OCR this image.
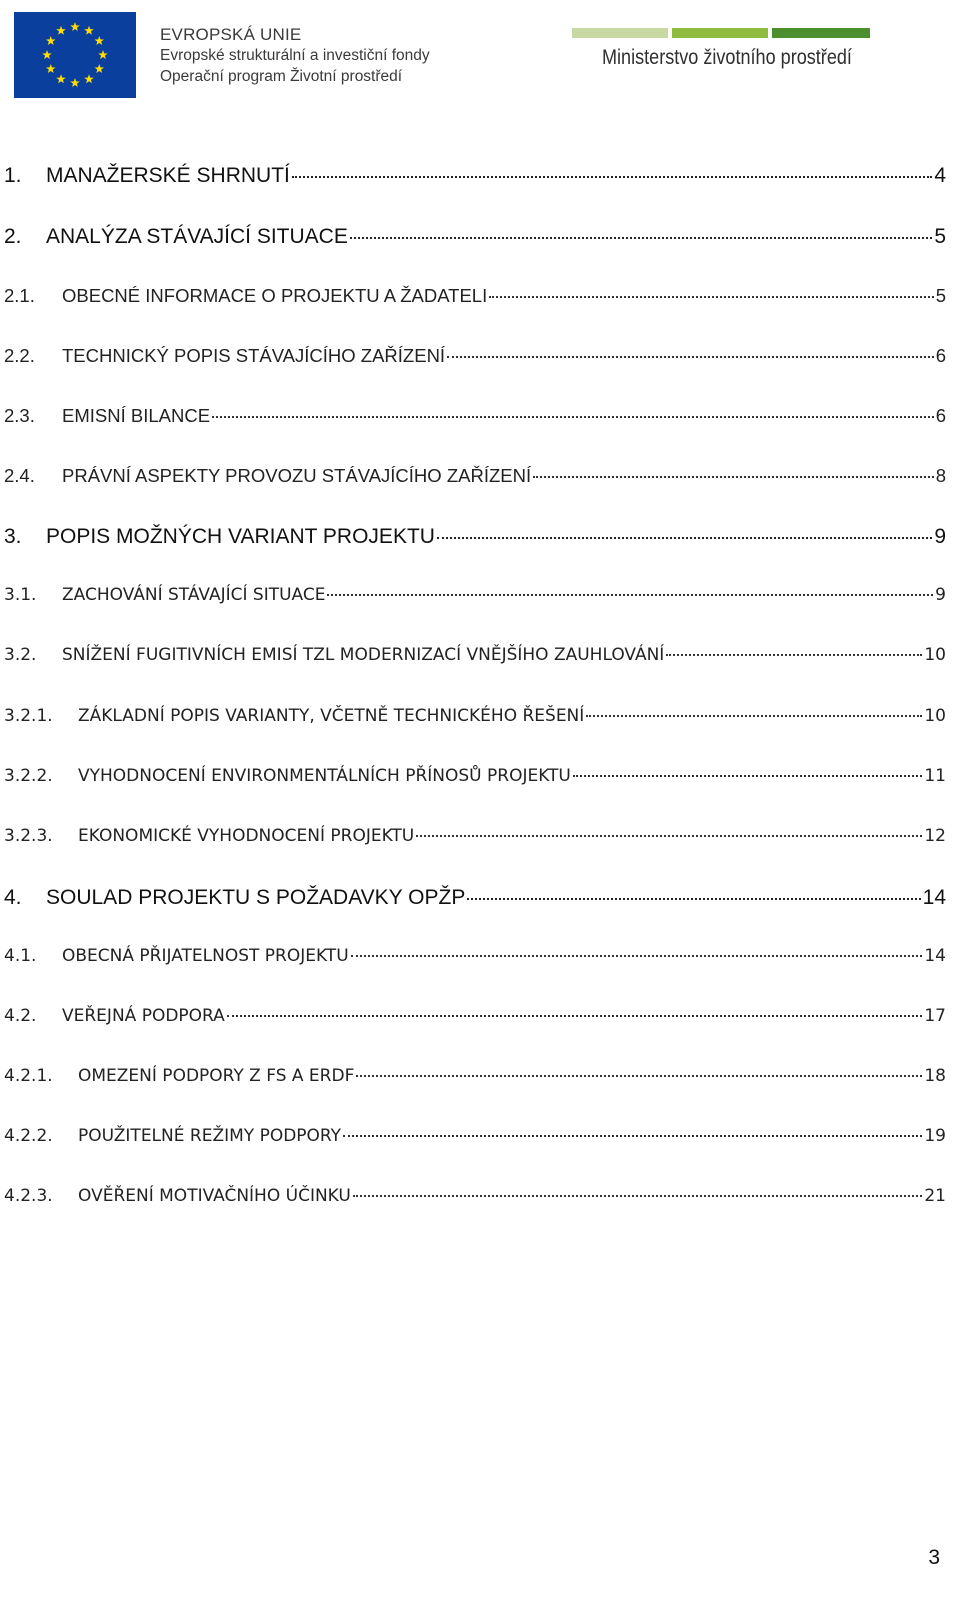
EVROPSKÁ UNIE
Evropské strukturální a investiční fondy
Operační program Životní prostředí
Ministerstvo životního prostředí
1.	MANAŽERSKÉ SHRNUTÍ	4
2.	ANALÝZA STÁVAJÍCÍ SITUACE	5
2.1.	OBECNÉ INFORMACE O PROJEKTU A ŽADATELI	5
2.2.	TECHNICKÝ POPIS STÁVAJÍCÍHO ZAŘÍZENÍ	6
2.3.	EMISNÍ BILANCE	6
2.4.	PRÁVNÍ ASPEKTY PROVOZU STÁVAJÍCÍHO ZAŘÍZENÍ	8
3.	POPIS MOŽNÝCH VARIANT PROJEKTU	9
3.1.	ZACHOVÁNÍ STÁVAJÍCÍ SITUACE	9
3.2.	SNÍŽENÍ FUGITIVNÍCH EMISÍ TZL MODERNIZACÍ VNĚJŠÍHO ZAUHLOVÁNÍ	10
3.2.1.	ZÁKLADNÍ POPIS VARIANTY, VČETNĚ TECHNICKÉHO ŘEŠENÍ	10
3.2.2.	VYHODNOCENÍ ENVIRONMENTÁLNÍCH PŘÍNOSŮ PROJEKTU	11
3.2.3.	EKONOMICKÉ VYHODNOCENÍ PROJEKTU	12
4.	SOULAD PROJEKTU S POŽADAVKY OPŽP	14
4.1.	OBECNÁ PŘIJATELNOST PROJEKTU	14
4.2.	VEŘEJNÁ PODPORA	17
4.2.1.	OMEZENÍ PODPORY Z FS A ERDF	18
4.2.2.	POUŽITELNÉ REŽIMY PODPORY	19
4.2.3.	OVĚŘENÍ MOTIVAČNÍHO ÚČINKU	21
3
